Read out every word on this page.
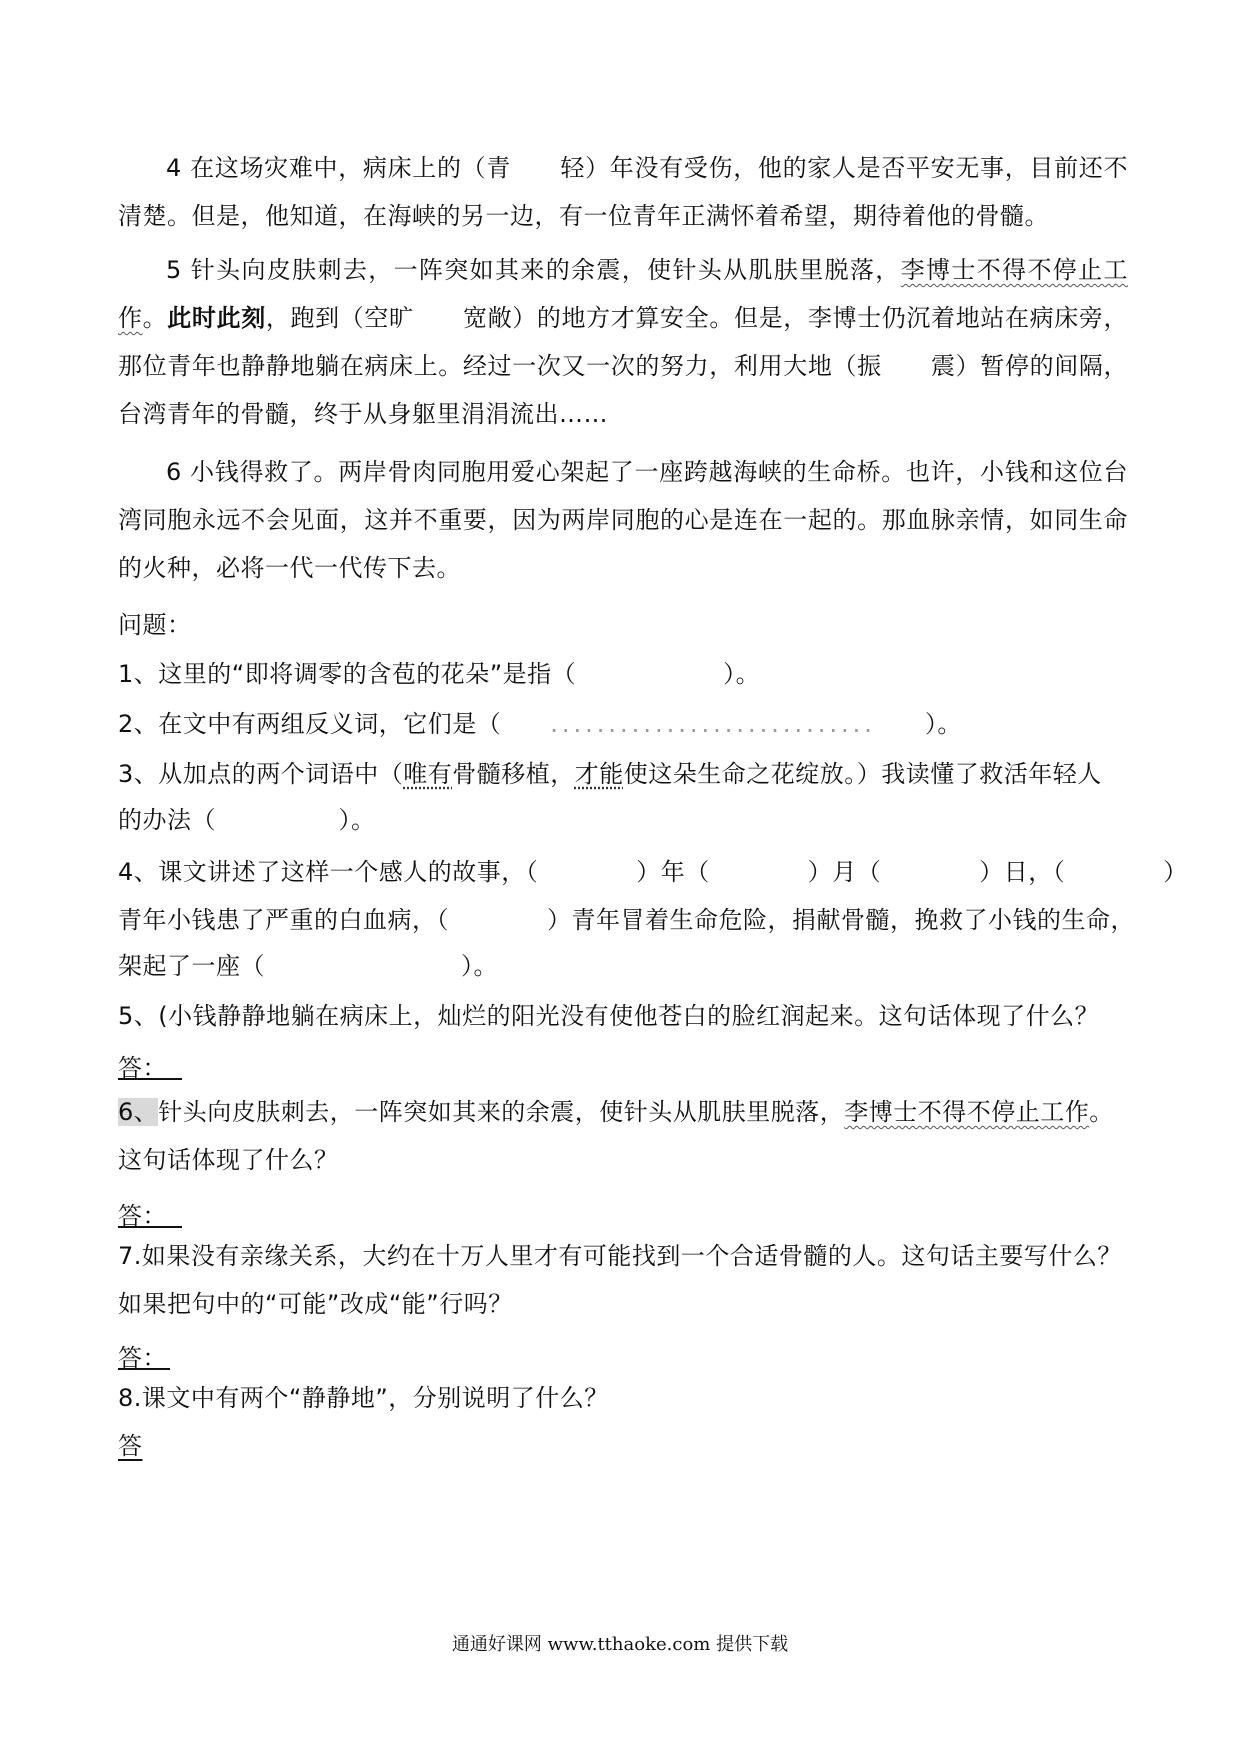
4 在这场灾难中，病床上的（青　　轻）年没有受伤，他的家人是否平安无事，目前还不清楚。但是，他知道，在海峡的另一边，有一位青年正满怀着希望，期待着他的骨髓。

5 针头向皮肤刺去，一阵突如其来的余震，使针头从肌肤里脱落，李博士不得不停止工作。此时此刻，跑到（空旷　　宽敞）的地方才算安全。但是，李博士仍沉着地站在病床旁，那位青年也静静地躺在病床上。经过一次又一次的努力，利用大地（振　　震）暂停的间隔，台湾青年的骨髓，终于从身躯里涓涓流出……

6 小钱得救了。两岸骨肉同胞用爱心架起了一座跨越海峡的生命桥。也许，小钱和这位台湾同胞永远不会见面，这并不重要，因为两岸同胞的心是连在一起的。那血脉亲情，如同生命的火种，必将一代一代传下去。

问题：

1、这里的“即将调零的含苞的花朵”是指（　　　　　　）。

2、在文中有两组反义词，它们是（　　............................　　）。

3、从加点的两个词语中（唯有骨髓移植，才能使这朵生命之花绽放。）我读懂了救活年轻人

的办法（　　　　　）。

4、课文讲述了这样一个感人的故事，（　　　　）年（　　　　）月（　　　　）日，（　　　　）

青年小钱患了严重的白血病，（　　　　）青年冒着生命危险，捐献骨髓，挽救了小钱的生命，

架起了一座（　　　　　　　　）。

5、(小钱静静地躺在病床上，灿烂的阳光没有使他苍白的脸红润起来。这句话体现了什么？

答：

6、针头向皮肤刺去，一阵突如其来的余震，使针头从肌肤里脱落，李博士不得不停止工作。

这句话体现了什么？

答：

7.如果没有亲缘关系，大约在十万人里才有可能找到一个合适骨髓的人。这句话主要写什么？

如果把句中的“可能”改成“能”行吗？

答：

8.课文中有两个“静静地”，分别说明了什么？

答

通通好课网 www.tthaoke.com 提供下载
